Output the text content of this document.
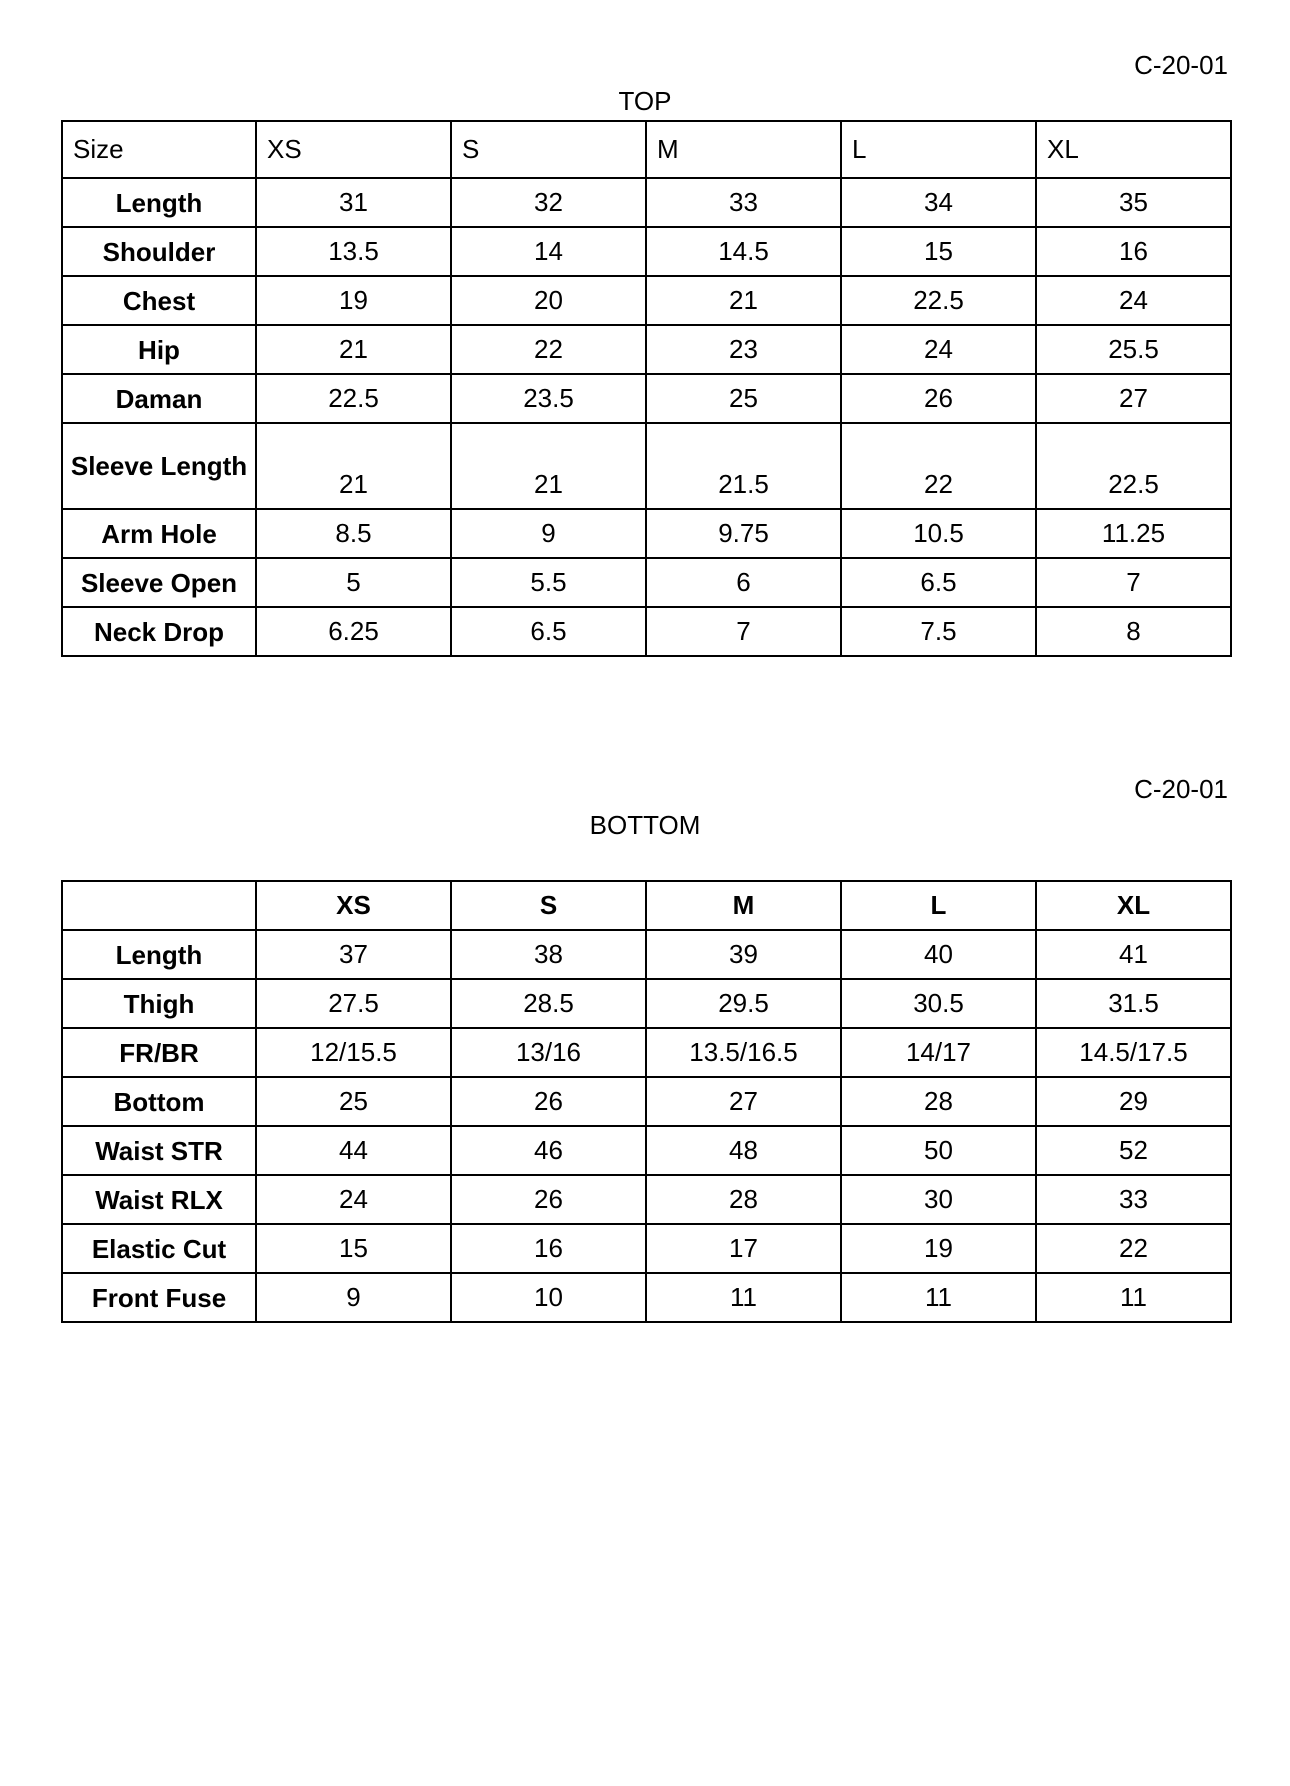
C-20-01
TOP
Size	XS	S	M	L	XL
Length	31	32	33	34	35
Shoulder	13.5	14	14.5	15	16
Chest	19	20	21	22.5	24
Hip	21	22	23	24	25.5
Daman	22.5	23.5	25	26	27
Sleeve Length	21	21	21.5	22	22.5
Arm Hole	8.5	9	9.75	10.5	11.25
Sleeve Open	5	5.5	6	6.5	7
Neck Drop	6.25	6.5	7	7.5	8
C-20-01
BOTTOM
	XS	S	M	L	XL
Length	37	38	39	40	41
Thigh	27.5	28.5	29.5	30.5	31.5
FR/BR	12/15.5	13/16	13.5/16.5	14/17	14.5/17.5
Bottom	25	26	27	28	29
Waist STR	44	46	48	50	52
Waist RLX	24	26	28	30	33
Elastic Cut	15	16	17	19	22
Front Fuse	9	10	11	11	11
